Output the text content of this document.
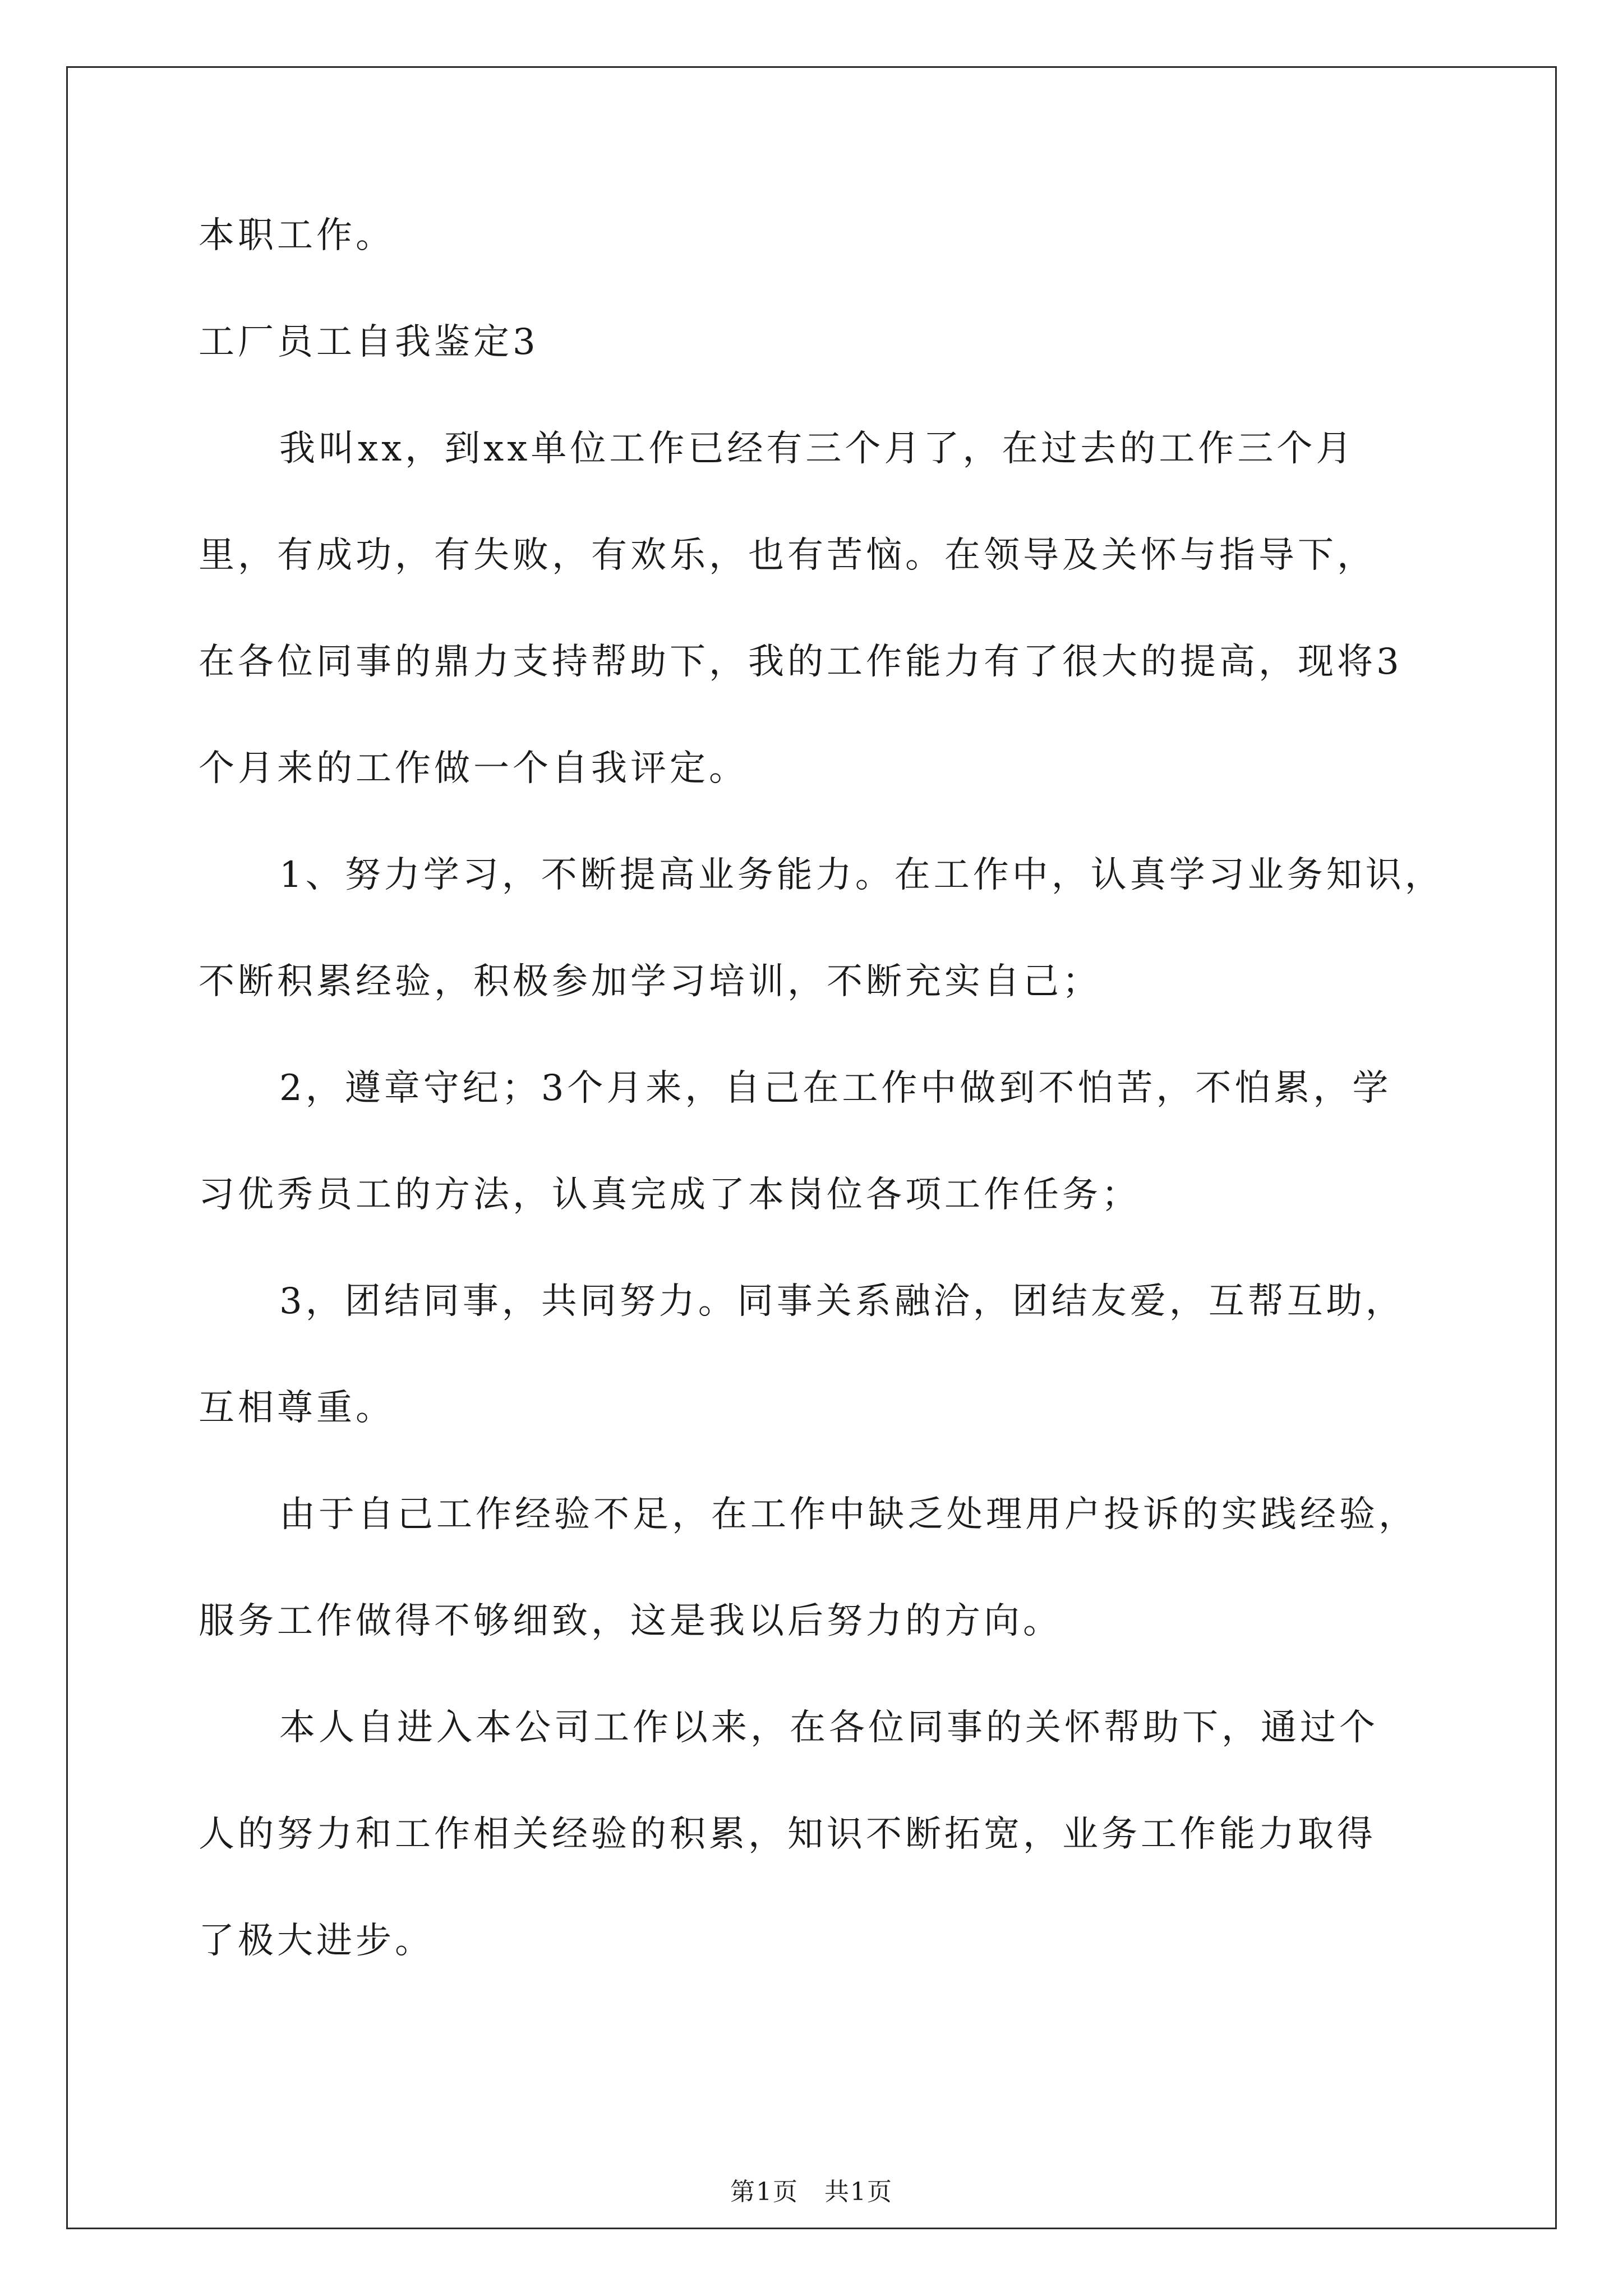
本职工作。
工厂员工自我鉴定3
我叫xx，到xx单位工作已经有三个月了，在过去的工作三个月
里，有成功，有失败，有欢乐，也有苦恼。在领导及关怀与指导下，
在各位同事的鼎力支持帮助下，我的工作能力有了很大的提高，现将3
个月来的工作做一个自我评定。
1、努力学习，不断提高业务能力。在工作中，认真学习业务知识，
不断积累经验，积极参加学习培训，不断充实自己；
2，遵章守纪；3个月来，自己在工作中做到不怕苦，不怕累，学
习优秀员工的方法，认真完成了本岗位各项工作任务；
3，团结同事，共同努力。同事关系融洽，团结友爱，互帮互助，
互相尊重。
由于自己工作经验不足，在工作中缺乏处理用户投诉的实践经验，
服务工作做得不够细致，这是我以后努力的方向。
本人自进入本公司工作以来，在各位同事的关怀帮助下，通过个
人的努力和工作相关经验的积累，知识不断拓宽，业务工作能力取得
了极大进步。
第1页　共1页
